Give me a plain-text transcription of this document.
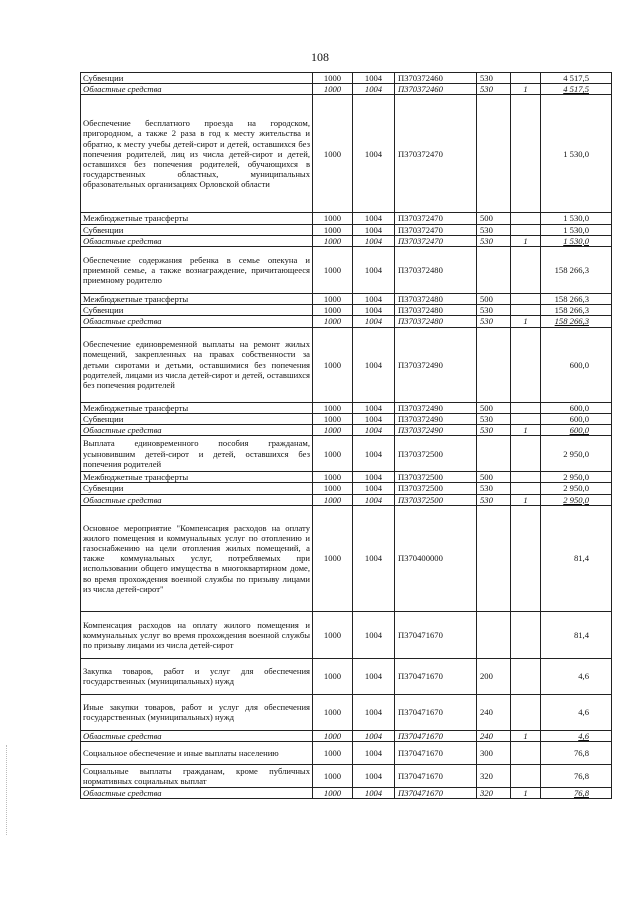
108
Субвенции	1000	1004	П370372460	530		4 517,5
Областные средства	1000	1004	П370372460	530	1	4 517,5
Обеспечение бесплатного проезда на городском, пригородном, а также 2 раза в год к месту жительства и обратно, к месту учебы детей-сирот и детей, оставшихся без попечения родителей, лиц из числа детей-сирот и детей, оставшихся без попечения родителей, обучающихся в государственных областных, муниципальных образовательных организациях Орловской области	1000	1004	П370372470			1 530,0
Межбюджетные трансферты	1000	1004	П370372470	500		1 530,0
Субвенции	1000	1004	П370372470	530		1 530,0
Областные средства	1000	1004	П370372470	530	1	1 530,0
Обеспечение содержания ребенка в семье опекуна и приемной семье, а также вознаграждение, причитающееся приемному родителю	1000	1004	П370372480			158 266,3
Межбюджетные трансферты	1000	1004	П370372480	500		158 266,3
Субвенции	1000	1004	П370372480	530		158 266,3
Областные средства	1000	1004	П370372480	530	1	158 266,3
Обеспечение единовременной выплаты на ремонт жилых помещений, закрепленных на правах собственности за детьми сиротами и детьми, оставшимися без попечения родителей, лицами из числа детей-сирот и детей, оставшихся без попечения родителей	1000	1004	П370372490			600,0
Межбюджетные трансферты	1000	1004	П370372490	500		600,0
Субвенции	1000	1004	П370372490	530		600,0
Областные средства	1000	1004	П370372490	530	1	600,0
Выплата единовременного пособия гражданам, усыновившим детей-сирот и детей, оставшихся без попечения родителей	1000	1004	П370372500			2 950,0
Межбюджетные трансферты	1000	1004	П370372500	500		2 950,0
Субвенции	1000	1004	П370372500	530		2 950,0
Областные средства	1000	1004	П370372500	530	1	2 950,0
Основное мероприятие "Компенсация расходов на оплату жилого помещения и коммунальных услуг по отоплению и газоснабжению на цели отопления жилых помещений, а также коммунальных услуг, потребляемых при использовании общего имущества в многоквартирном доме, во время прохождения военной службы по призыву лицами из числа детей-сирот"	1000	1004	П370400000			81,4
Компенсация расходов на оплату жилого помещения и коммунальных услуг во время прохождения военной службы по призыву лицами из числа детей-сирот	1000	1004	П370471670			81,4
Закупка товаров, работ и услуг для обеспечения государственных (муниципальных) нужд	1000	1004	П370471670	200		4,6
Иные закупки товаров, работ и услуг для обеспечения государственных (муниципальных) нужд	1000	1004	П370471670	240		4,6
Областные средства	1000	1004	П370471670	240	1	4,6
Социальное обеспечение и иные выплаты населению	1000	1004	П370471670	300		76,8
Социальные выплаты гражданам, кроме публичных нормативных социальных выплат	1000	1004	П370471670	320		76,8
Областные средства	1000	1004	П370471670	320	1	76,8
